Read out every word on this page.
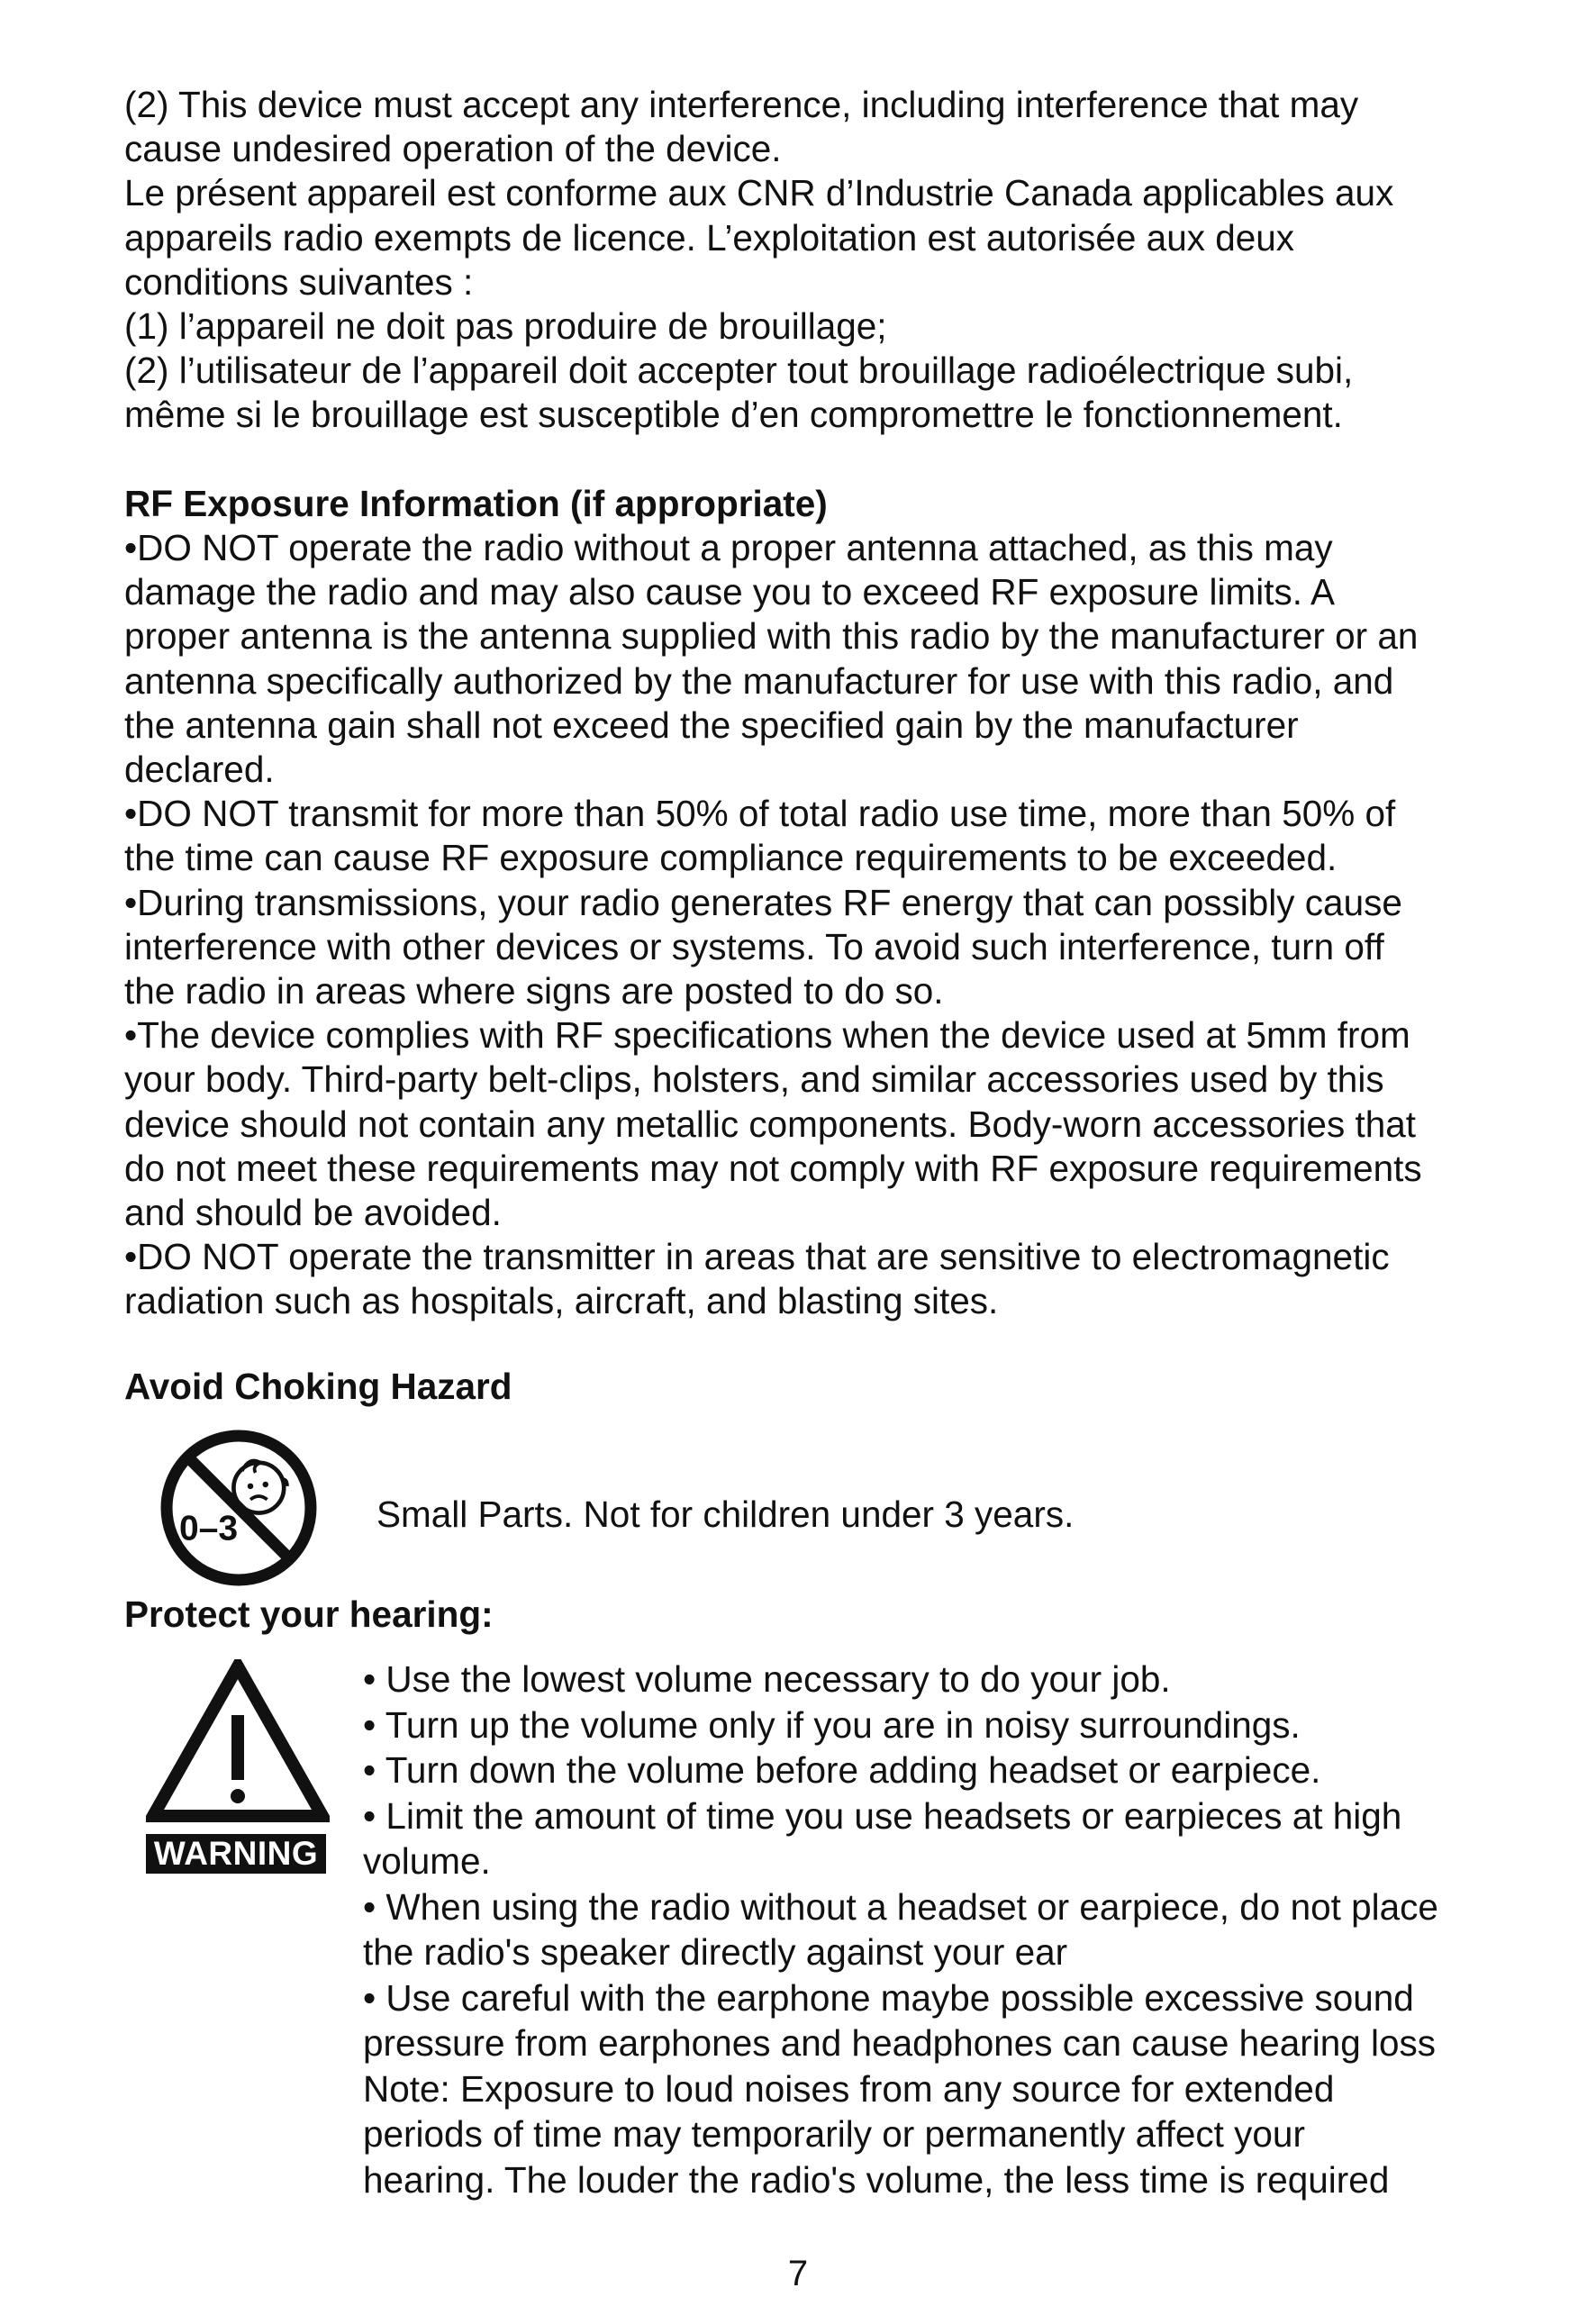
(2) This device must accept any interference, including interference that may
cause undesired operation of the device.
Le présent appareil est conforme aux CNR d’Industrie Canada applicables aux
appareils radio exempts de licence. L’exploitation est autorisée aux deux
conditions suivantes :
(1) l’appareil ne doit pas produire de brouillage;
(2) l’utilisateur de l’appareil doit accepter tout brouillage radioélectrique subi,
même si le brouillage est susceptible d’en compromettre le fonctionnement.
RF Exposure Information (if appropriate)
•DO NOT operate the radio without a proper antenna attached, as this may
damage the radio and may also cause you to exceed RF exposure limits. A
proper antenna is the antenna supplied with this radio by the manufacturer or an
antenna specifically authorized by the manufacturer for use with this radio, and
the antenna gain shall not exceed the specified gain by the manufacturer
declared.
•DO NOT transmit for more than 50% of total radio use time, more than 50% of
the time can cause RF exposure compliance requirements to be exceeded.
•During transmissions, your radio generates RF energy that can possibly cause
interference with other devices or systems. To avoid such interference, turn off
the radio in areas where signs are posted to do so.
•The device complies with RF specifications when the device used at 5mm from
your body. Third-party belt-clips, holsters, and similar accessories used by this
device should not contain any metallic components. Body-worn accessories that
do not meet these requirements may not comply with RF exposure requirements
and should be avoided.
•DO NOT operate the transmitter in areas that are sensitive to electromagnetic
radiation such as hospitals, aircraft, and blasting sites.
Avoid Choking Hazard
0–3	Small Parts. Not for children under 3 years.
Protect your hearing:
WARNING
• Use the lowest volume necessary to do your job.
• Turn up the volume only if you are in noisy surroundings.
• Turn down the volume before adding headset or earpiece.
• Limit the amount of time you use headsets or earpieces at high
volume.
• When using the radio without a headset or earpiece, do not place
the radio's speaker directly against your ear
• Use careful with the earphone maybe possible excessive sound
pressure from earphones and headphones can cause hearing loss
Note: Exposure to loud noises from any source for extended
periods of time may temporarily or permanently affect your
hearing. The louder the radio's volume, the less time is required
7
